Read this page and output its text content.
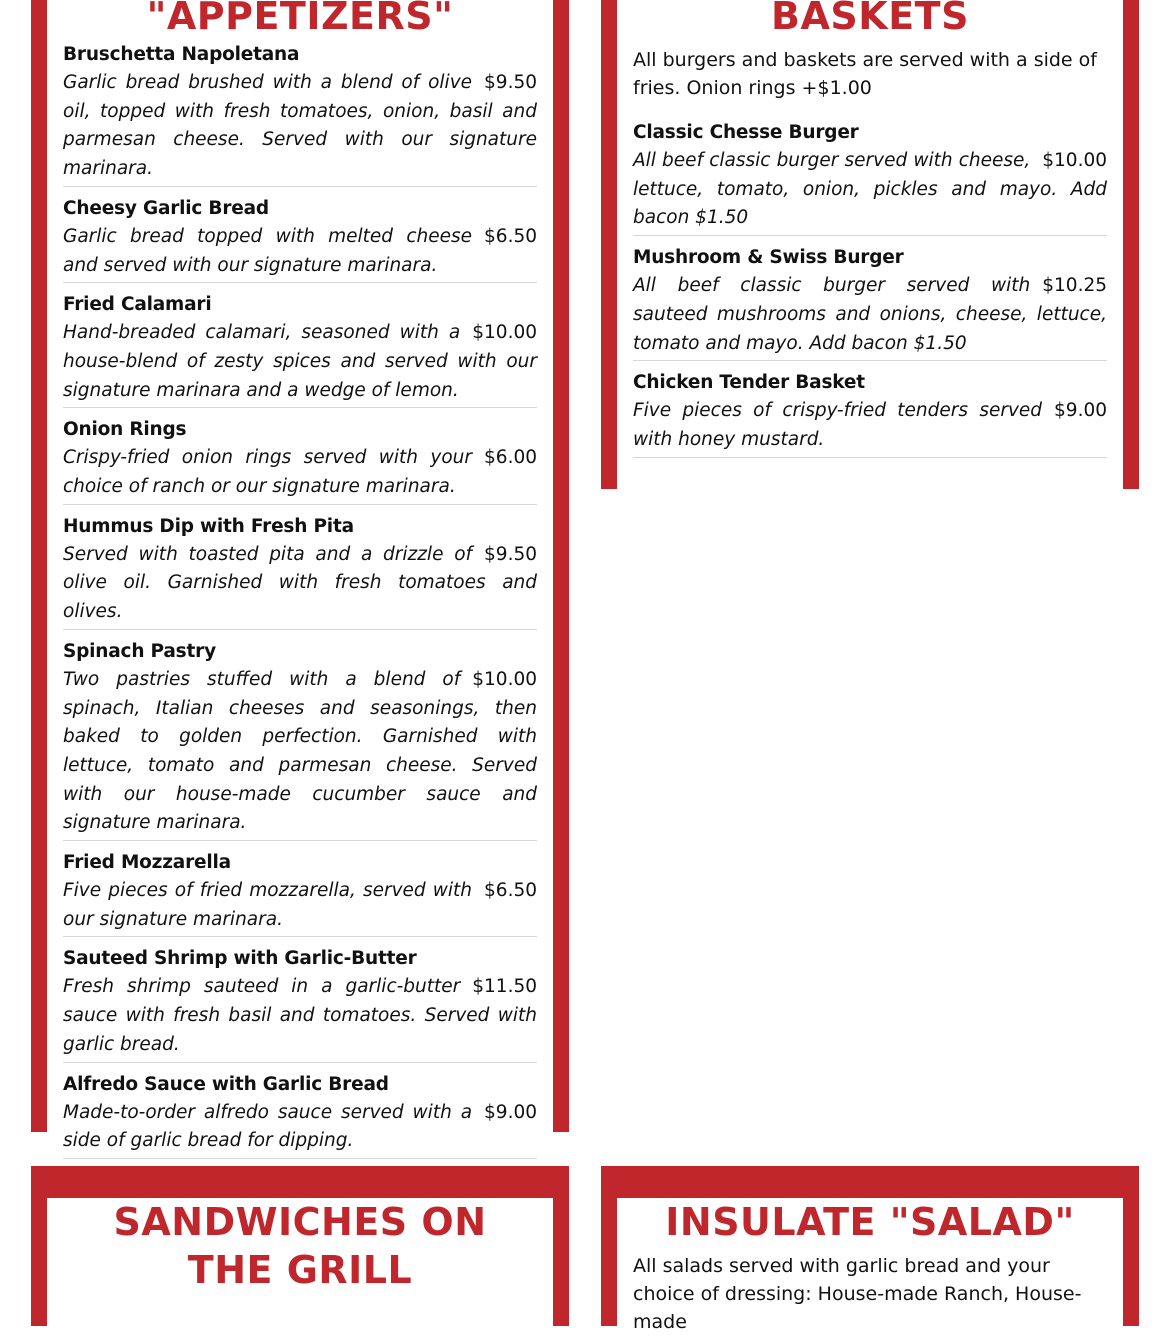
"APPETIZERS"

Bruschetta Napoletana

$9.50
Garlic bread brushed with a blend of olive oil, topped with fresh tomatoes, onion, basil and parmesan cheese. Served with our signature marinara.

Cheesy Garlic Bread

$6.50
Garlic bread topped with melted cheese and served with our signature marinara.

Fried Calamari

$10.00
Hand-breaded calamari, seasoned with a house-blend of zesty spices and served with our signature marinara and a wedge of lemon.

Onion Rings

$6.00
Crispy-fried onion rings served with your choice of ranch or our signature marinara.

Hummus Dip with Fresh Pita

$9.50
Served with toasted pita and a drizzle of olive oil. Garnished with fresh tomatoes and olives.

Spinach Pastry

$10.00
Two pastries stuffed with a blend of spinach, Italian cheeses and seasonings, then baked to golden perfection. Garnished with lettuce, tomato and parmesan cheese. Served with our house-made cucumber sauce and signature marinara.

Fried Mozzarella

$6.50
Five pieces of fried mozzarella, served with our signature marinara.

Sauteed Shrimp with Garlic-Butter

$11.50
Fresh shrimp sauteed in a garlic-butter sauce with fresh basil and tomatoes. Served with garlic bread.

Alfredo Sauce with Garlic Bread

$9.00
Made-to-order alfredo sauce served with a side of garlic bread for dipping.

BASKETS

All burgers and baskets are served with a side of fries. Onion rings +$1.00

Classic Chesse Burger

$10.00
All beef classic burger served with cheese, lettuce, tomato, onion, pickles and mayo. Add bacon $1.50

Mushroom & Swiss Burger

$10.25
All beef classic burger served with sauteed mushrooms and onions, cheese, lettuce, tomato and mayo. Add bacon $1.50

Chicken Tender Basket

$9.00
Five pieces of crispy-fried tenders served with honey mustard.

SANDWICHES ON THE GRILL
INSULATE "SALAD"

All salads served with garlic bread and your choice of dressing: House-made Ranch, House-made
